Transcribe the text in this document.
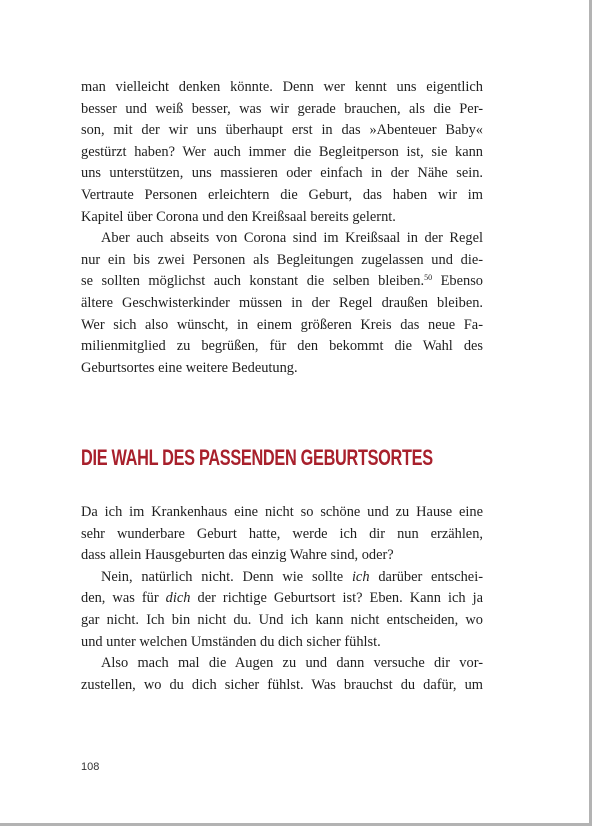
man vielleicht denken könnte. Denn wer kennt uns eigentlich
besser und weiß besser, was wir gerade brauchen, als die Per-
son, mit der wir uns überhaupt erst in das »Abenteuer Baby«
gestürzt haben? Wer auch immer die Begleitperson ist, sie kann
uns unterstützen, uns massieren oder einfach in der Nähe sein.
Vertraute Personen erleichtern die Geburt, das haben wir im
Kapitel über Corona und den Kreißsaal bereits gelernt.
Aber auch abseits von Corona sind im Kreißsaal in der Regel
nur ein bis zwei Personen als Begleitungen zugelassen und die-
se sollten möglichst auch konstant die selben bleiben.$^{50}$ Ebenso
ältere Geschwisterkinder müssen in der Regel draußen bleiben.
Wer sich also wünscht, in einem größeren Kreis das neue Fa-
milienmitglied zu begrüßen, für den bekommt die Wahl des
Geburtsortes eine weitere Bedeutung.
DIE WAHL DES PASSENDEN GEBURTSORTES
Da ich im Krankenhaus eine nicht so schöne und zu Hause eine
sehr wunderbare Geburt hatte, werde ich dir nun erzählen,
dass allein Hausgeburten das einzig Wahre sind, oder?
Nein, natürlich nicht. Denn wie sollte ich darüber entschei-
den, was für dich der richtige Geburtsort ist? Eben. Kann ich ja
gar nicht. Ich bin nicht du. Und ich kann nicht entscheiden, wo
und unter welchen Umständen du dich sicher fühlst.
Also mach mal die Augen zu und dann versuche dir vor-
zustellen, wo du dich sicher fühlst. Was brauchst du dafür, um
108
